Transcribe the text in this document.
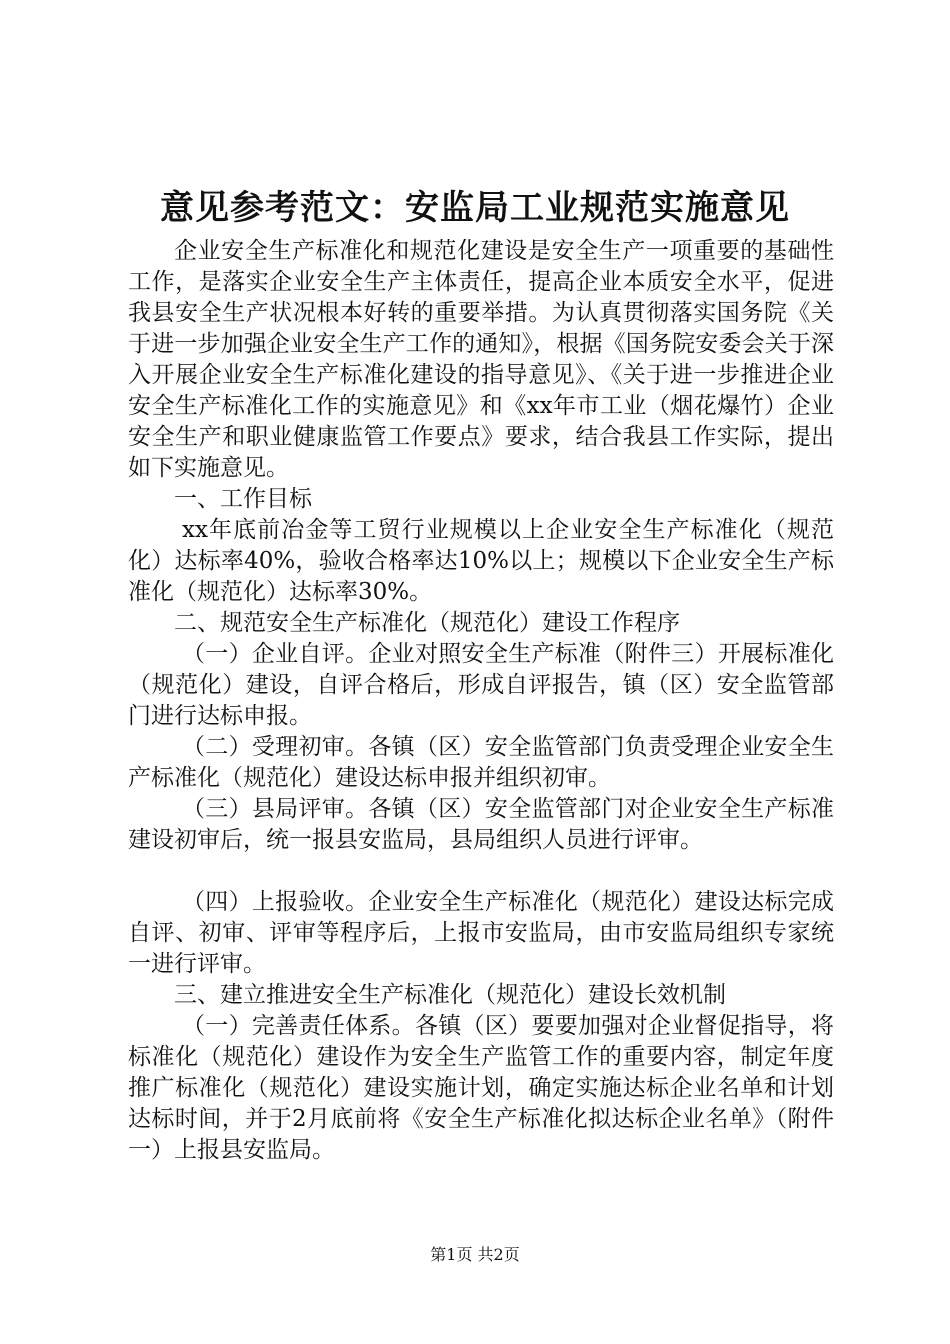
意见参考范文：安监局工业规范实施意见

企业安全生产标准化和规范化建设是安全生产一项重要的基础性工作，是落实企业安全生产主体责任，提高企业本质安全水平，促进我县安全生产状况根本好转的重要举措。为认真贯彻落实国务院《关于进一步加强企业安全生产工作的通知》，根据《国务院安委会关于深入开展企业安全生产标准化建设的指导意见》、《关于进一步推进企业安全生产标准化工作的实施意见》和《xx年市工业（烟花爆竹）企业安全生产和职业健康监管工作要点》要求，结合我县工作实际，提出如下实施意见。

一、工作目标

xx年底前冶金等工贸行业规模以上企业安全生产标准化（规范化）达标率40%，验收合格率达10%以上；规模以下企业安全生产标准化（规范化）达标率30%。

二、规范安全生产标准化（规范化）建设工作程序

（一）企业自评。企业对照安全生产标准（附件三）开展标准化（规范化）建设，自评合格后，形成自评报告，镇（区）安全监管部门进行达标申报。

（二）受理初审。各镇（区）安全监管部门负责受理企业安全生产标准化（规范化）建设达标申报并组织初审。

（三）县局评审。各镇（区）安全监管部门对企业安全生产标准建设初审后，统一报县安监局，县局组织人员进行评审。

（四）上报验收。企业安全生产标准化（规范化）建设达标完成自评、初审、评审等程序后，上报市安监局，由市安监局组织专家统一进行评审。

三、建立推进安全生产标准化（规范化）建设长效机制

（一）完善责任体系。各镇（区）要要加强对企业督促指导，将标准化（规范化）建设作为安全生产监管工作的重要内容，制定年度推广标准化（规范化）建设实施计划，确定实施达标企业名单和计划达标时间，并于2月底前将《安全生产标准化拟达标企业名单》（附件一）上报县安监局。

第1页 共2页
